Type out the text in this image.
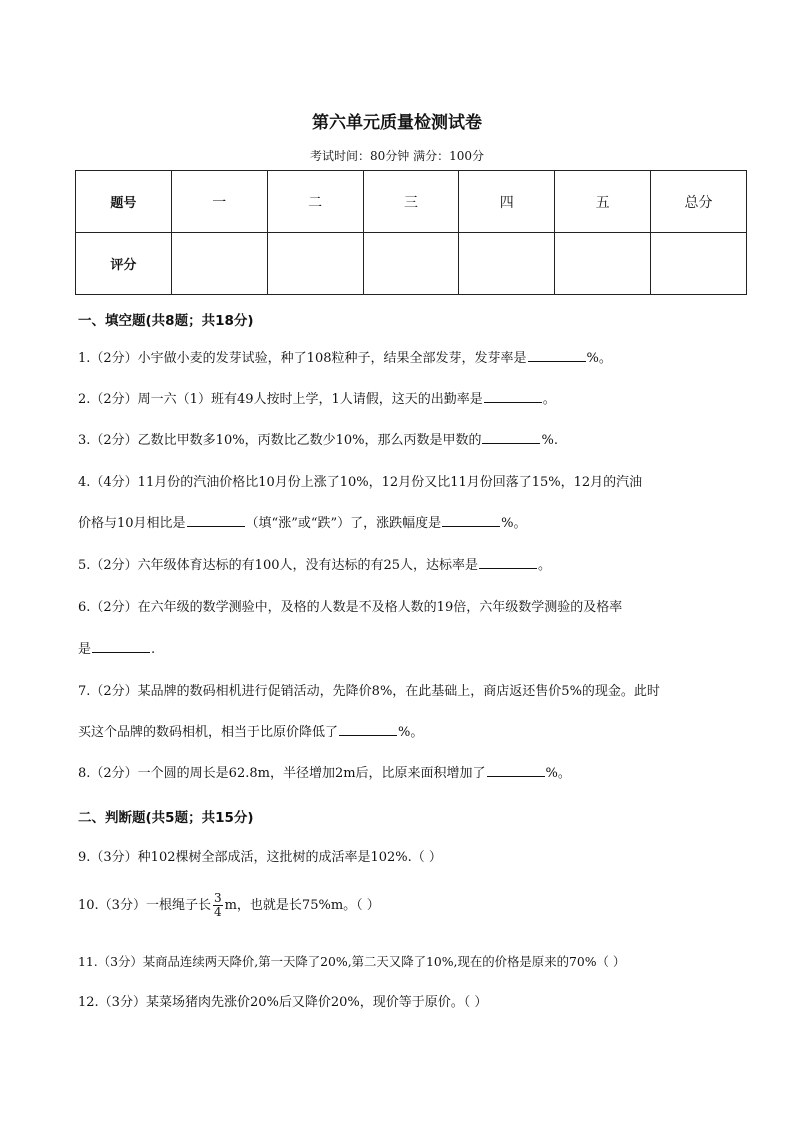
第六单元质量检测试卷
考试时间：80分钟 满分：100分
题号	一	二	三	四	五	总分
评分						
一、填空题(共8题；共18分)
1.（2分）小宇做小麦的发芽试验，种了108粒种子，结果全部发芽，发芽率是	%。
2.（2分）周一六（1）班有49人按时上学，1人请假，这天的出勤率是	。
3.（2分）乙数比甲数多10%，丙数比乙数少10%，那么丙数是甲数的	%.
4.（4分）11月份的汽油价格比10月份上涨了10%，12月份又比11月份回落了15%，12月的汽油
价格与10月相比是	（填“涨”或“跌”）了，涨跌幅度是	%。
5.（2分）六年级体育达标的有100人，没有达标的有25人，达标率是	。
6.（2分）在六年级的数学测验中，及格的人数是不及格人数的19倍，六年级数学测验的及格率
是	.
7.（2分）某品牌的数码相机进行促销活动，先降价8%，在此基础上，商店返还售价5%的现金。此时
买这个品牌的数码相机，相当于比原价降低了	%。
8.（2分）一个圆的周长是62.8m，半径增加2m后，比原来面积增加了	%。
二、判断题(共5题；共15分)
9.（3分）种102棵树全部成活，这批树的成活率是102%.（ ）
10.（3分）一根绳子长 $\frac{3}{4}$ m，也就是长75%m。（ ）
11.（3分）某商品连续两天降价,第一天降了20%,第二天又降了10%,现在的价格是原来的70%（ ）
12.（3分）某菜场猪肉先涨价20%后又降价20%，现价等于原价。（ ）
